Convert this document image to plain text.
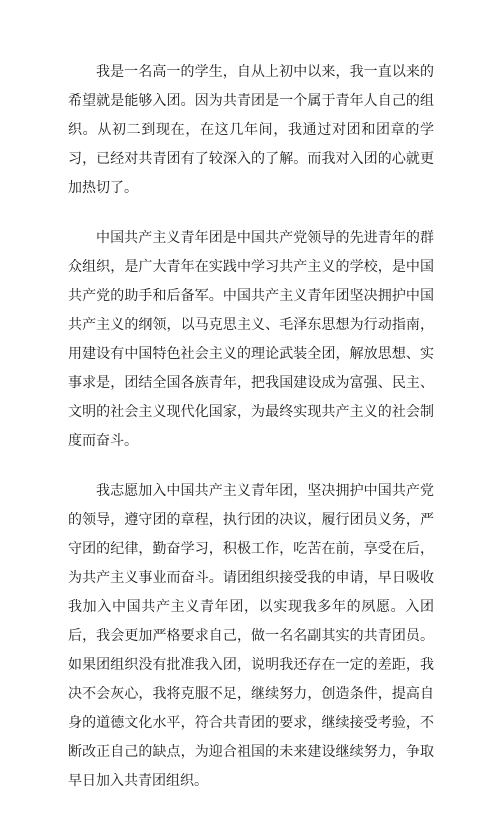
我是一名高一的学生，自从上初中以来，我一直以来的希望就是能够入团。因为共青团是一个属于青年人自己的组织。从初二到现在，在这几年间，我通过对团和团章的学习，已经对共青团有了较深入的了解。而我对入团的心就更加热切了。

中国共产主义青年团是中国共产党领导的先进青年的群众组织，是广大青年在实践中学习共产主义的学校，是中国共产党的助手和后备军。中国共产主义青年团坚决拥护中国共产主义的纲领，以马克思主义、毛泽东思想为行动指南，用建设有中国特色社会主义的理论武装全团，解放思想、实事求是，团结全国各族青年，把我国建设成为富强、民主、文明的社会主义现代化国家，为最终实现共产主义的社会制度而奋斗。

我志愿加入中国共产主义青年团，坚决拥护中国共产党的领导，遵守团的章程，执行团的决议，履行团员义务，严守团的纪律，勤奋学习，积极工作，吃苦在前，享受在后，为共产主义事业而奋斗。请团组织接受我的申请，早日吸收我加入中国共产主义青年团，以实现我多年的夙愿。入团后，我会更加严格要求自己，做一名名副其实的共青团员。如果团组织没有批准我入团，说明我还存在一定的差距，我决不会灰心，我将克服不足，继续努力，创造条件，提高自身的道德文化水平，符合共青团的要求，继续接受考验，不断改正自己的缺点，为迎合祖国的未来建设继续努力，争取早日加入共青团组织。
